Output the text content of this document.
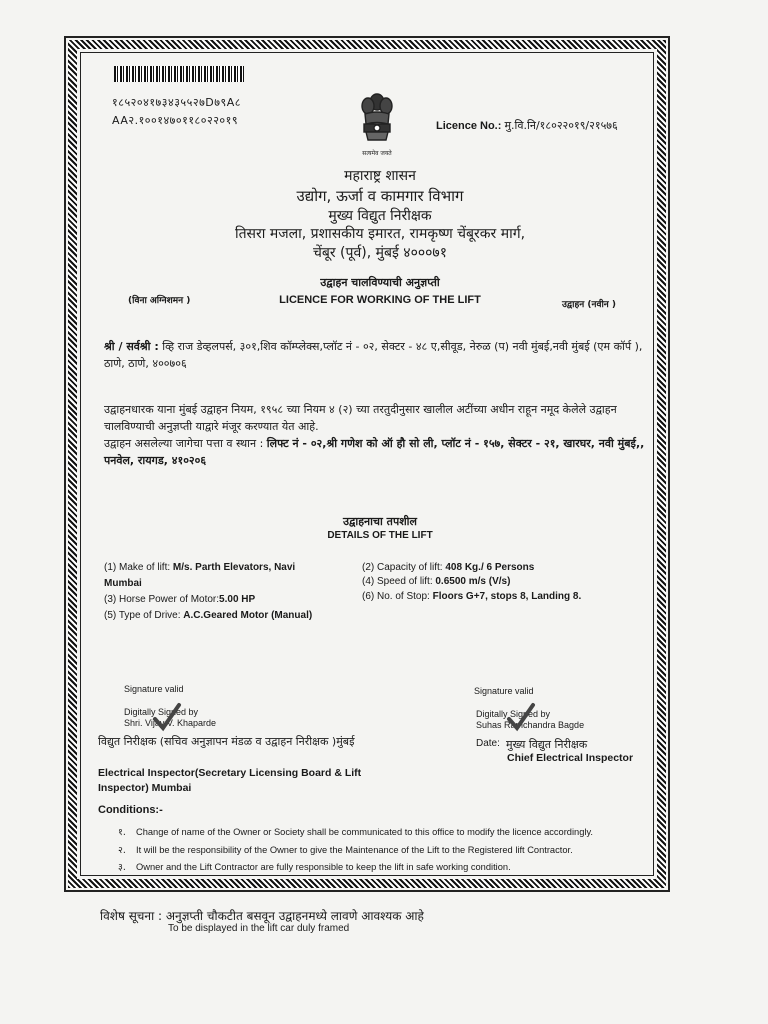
१८५२०४१७३४३५५२७D७९A८
AA२.१००१४७०११८०२२०१९
सत्यमेव जयते
Licence No.: मु.वि.नि/१८०२२०१९/२१५७६
महाराष्ट्र शासन
उद्योग, ऊर्जा व कामगार विभाग
मुख्य विद्युत निरीक्षक
तिसरा मजला, प्रशासकीय इमारत, रामकृष्ण चेंबूरकर मार्ग,
चेंबूर (पूर्व), मुंबई ४०००७१
उद्वाहन चालविण्याची अनुज्ञप्ती
LICENCE FOR WORKING OF THE LIFT
(विना अग्निशमन )	उद्वाहन (नवीन )
श्री / सर्वश्री : व्हि राज डेव्हलपर्स, ३०१,शिव कॉम्प्लेक्स,प्लॉट नं - ०२, सेक्टर - ४८ ए,सीवूड, नेरुळ (प) नवी मुंबई,नवी मुंबई (एम कॉर्प ), ठाणे, ठाणे, ४००७०६
उद्वाहनधारक याना मुंबई उद्वाहन नियम, १९५८ च्या नियम ४ (२) च्या तरतुदीनुसार खालील अटींच्या अधीन राहून नमूद केलेले उद्वाहन चालविण्याची अनुज्ञप्ती याद्वारे मंजूर करण्यात येत आहे.
उद्वाहन असलेल्या जागेचा पत्ता व स्थान : लिफ्ट नं - ०२,श्री गणेश को ऑ हौ सो ली, प्लॉट नं - १५७, सेक्टर - २१, खारघर, नवी मुंबई,, पनवेल, रायगड, ४१०२०६
उद्वाहनाचा तपशील
DETAILS OF THE LIFT
(1) Make of lift: M/s. Parth Elevators, Navi
Mumbai
(3) Horse Power of Motor:5.00 HP
(5) Type of Drive: A.C.Geared Motor (Manual)
(2) Capacity of lift: 408 Kg./ 6 Persons
(4) Speed of lift: 0.6500 m/s (V/s)
(6) No. of Stop: Floors G+7, stops 8, Landing 8.
Signature valid
Digitally Signed by
Shri. Vijay V. Khaparde
विद्युत निरीक्षक (सचिव अनुज्ञापन मंडळ व उद्वाहन निरीक्षक )मुंबई
Electrical Inspector(Secretary Licensing Board & Lift Inspector) Mumbai
Signature valid
Digitally Signed by
Suhas Ramchandra Bagde
Date: मुख्य विद्युत निरीक्षक
Chief Electrical Inspector
Conditions:-
१. Change of name of the Owner or Society shall be communicated to this office to modify the licence accordingly.
२. It will be the responsibility of the Owner to give the Maintenance of the Lift to the Registered lift Contractor.
३. Owner and the Lift Contractor are fully responsible to keep the lift in safe working condition.
विशेष सूचना : अनुज्ञप्ती चौकटीत बसवून उद्वाहनमध्ये लावणे आवश्यक आहे
To be displayed in the lift car duly framed
